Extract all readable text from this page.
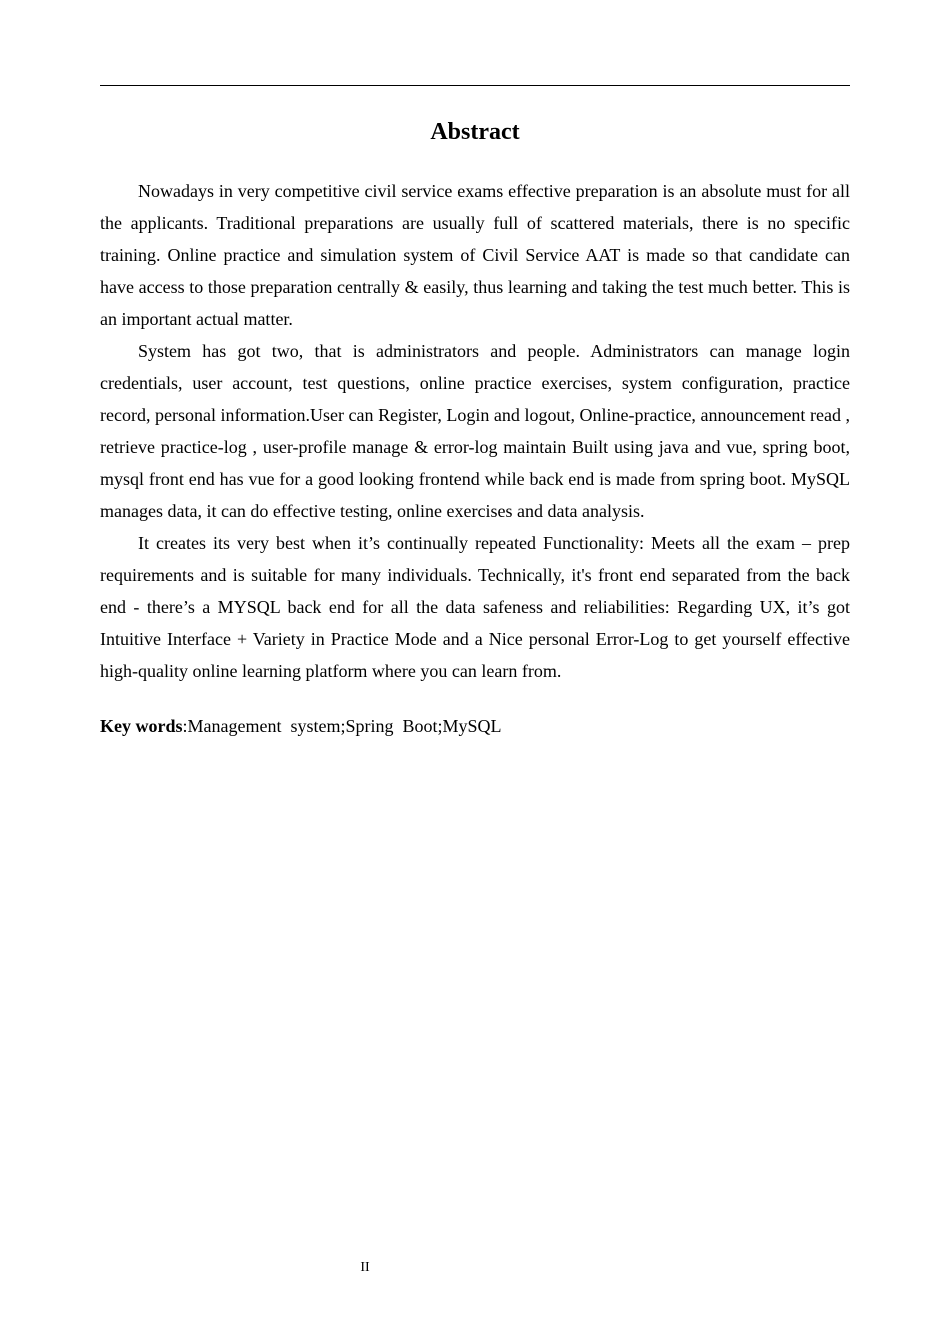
Abstract

Nowadays in very competitive civil service exams effective preparation is an absolute must for all the applicants. Traditional preparations are usually full of scattered materials, there is no specific training. Online practice and simulation system of Civil Service AAT is made so that candidate can have access to those preparation centrally & easily, thus learning and taking the test much better. This is an important actual matter.

System has got two, that is administrators and people. Administrators can manage login credentials, user account, test questions, online practice exercises, system configuration, practice record, personal information.User can Register, Login and logout, Online-practice, announcement read , retrieve practice-log , user-profile manage & error-log maintain Built using java and vue, spring boot, mysql front end has vue for a good looking frontend while back end is made from spring boot. MySQL manages data, it can do effective testing, online exercises and data analysis.

It creates its very best when it’s continually repeated Functionality: Meets all the exam – prep requirements and is suitable for many individuals. Technically, it's front end separated from the back end - there’s a MYSQL back end for all the data safeness and reliabilities: Regarding UX, it’s got Intuitive Interface + Variety in Practice Mode and a Nice personal Error-Log to get yourself effective high-quality online learning platform where you can learn from.

Key words:Management  system;Spring  Boot;MySQL

II
